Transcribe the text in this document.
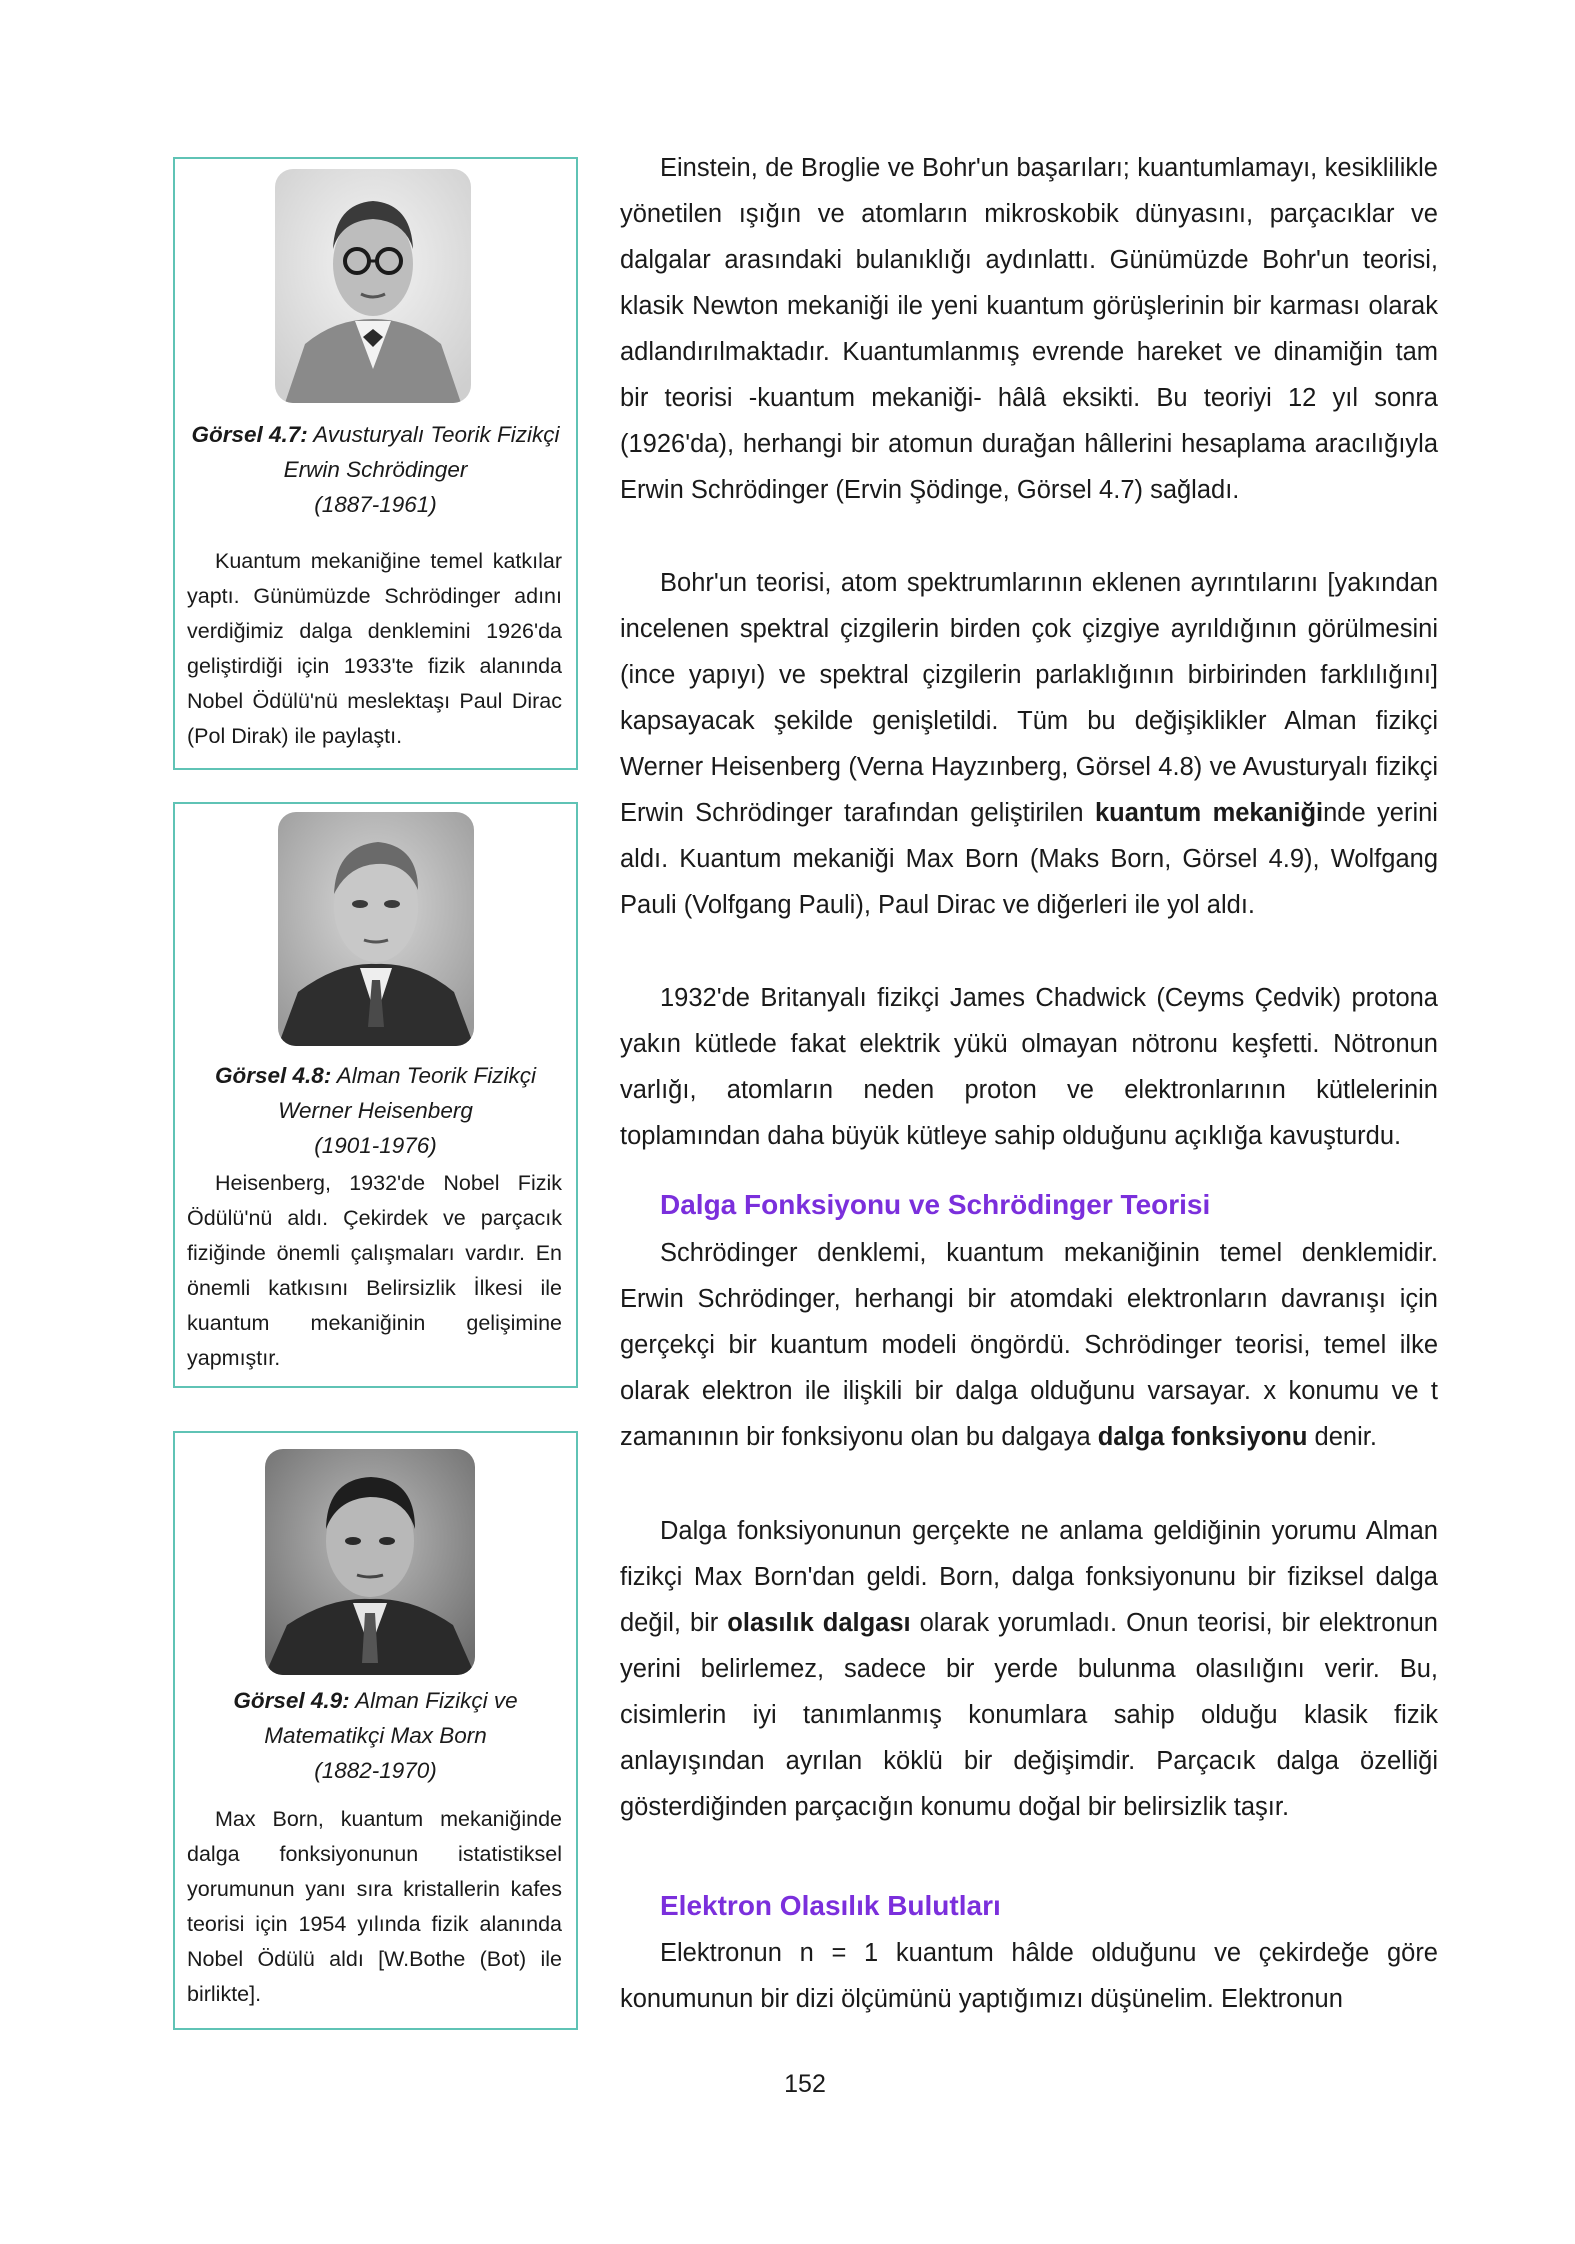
Görsel 4.7: Avusturyalı Teorik Fizikçi Erwin Schrödinger
(1887-1961)
Kuantum mekaniğine temel katkılar yaptı. Günümüzde Schrödinger adını verdiğimiz dalga denklemini 1926'da geliştirdiği için 1933'te fizik alanında Nobel Ödülü'nü meslektaşı Paul Dirac (Pol Dirak) ile paylaştı.
Görsel 4.8: Alman Teorik Fizikçi Werner Heisenberg
(1901-1976)
Heisenberg, 1932'de Nobel Fizik Ödülü'nü aldı. Çekirdek ve parçacık fiziğinde önemli çalışmaları vardır. En önemli katkısını Belirsizlik İlkesi ile kuantum mekaniğinin gelişimine yapmıştır.
Görsel 4.9: Alman Fizikçi ve Matematikçi Max Born
(1882-1970)
Max Born, kuantum mekaniğinde dalga fonksiyonunun istatistiksel yorumunun yanı sıra kristallerin kafes teorisi için 1954 yılında fizik alanında Nobel Ödülü aldı [W.Bothe (Bot) ile birlikte].

Einstein, de Broglie ve Bohr'un başarıları; kuantumlamayı, kesiklilikle yönetilen ışığın ve atomların mikroskobik dünyasını, parçacıklar ve dalgalar arasındaki bulanıklığı aydınlattı. Günümüzde Bohr'un teorisi, klasik Newton mekaniği ile yeni kuantum görüşlerinin bir karması olarak adlandırılmaktadır. Kuantumlanmış evrende hareket ve dinamiğin tam bir teorisi -kuantum mekaniği- hâlâ eksikti. Bu teoriyi 12 yıl sonra (1926'da), herhangi bir atomun durağan hâllerini hesaplama aracılığıyla Erwin Schrödinger (Ervin Şödinge, Görsel 4.7) sağladı.

Bohr'un teorisi, atom spektrumlarının eklenen ayrıntılarını [yakından incelenen spektral çizgilerin birden çok çizgiye ayrıldığının görülmesini (ince yapıyı) ve spektral çizgilerin parlaklığının birbirinden farklılığını] kapsayacak şekilde genişletildi. Tüm bu değişiklikler Alman fizikçi Werner Heisenberg (Verna Hayzınberg, Görsel 4.8) ve Avusturyalı fizikçi Erwin Schrödinger tarafından geliştirilen kuantum mekaniğinde yerini aldı. Kuantum mekaniği Max Born (Maks Born, Görsel 4.9), Wolfgang Pauli (Volfgang Pauli), Paul Dirac ve diğerleri ile yol aldı.

1932'de Britanyalı fizikçi James Chadwick (Ceyms Çedvik) protona yakın kütlede fakat elektrik yükü olmayan nötronu keşfetti. Nötronun varlığı, atomların neden proton ve elektronlarının kütlelerinin toplamından daha büyük kütleye sahip olduğunu açıklığa kavuşturdu.

Dalga Fonksiyonu ve Schrödinger Teorisi

Schrödinger denklemi, kuantum mekaniğinin temel denklemidir. Erwin Schrödinger, herhangi bir atomdaki elektronların davranışı için gerçekçi bir kuantum modeli öngördü. Schrödinger teorisi, temel ilke olarak elektron ile ilişkili bir dalga olduğunu varsayar. x konumu ve t zamanının bir fonksiyonu olan bu dalgaya dalga fonksiyonu denir.

Dalga fonksiyonunun gerçekte ne anlama geldiğinin yorumu Alman fizikçi Max Born'dan geldi. Born, dalga fonksiyonunu bir fiziksel dalga değil, bir olasılık dalgası olarak yorumladı. Onun teorisi, bir elektronun yerini belirlemez, sadece bir yerde bulunma olasılığını verir. Bu, cisimlerin iyi tanımlanmış konumlara sahip olduğu klasik fizik anlayışından ayrılan köklü bir değişimdir. Parçacık dalga özelliği gösterdiğinden parçacığın konumu doğal bir belirsizlik taşır.

Elektron Olasılık Bulutları

Elektronun n = 1 kuantum hâlde olduğunu ve çekirdeğe göre konumunun bir dizi ölçümünü yaptığımızı düşünelim. Elektronun

152
